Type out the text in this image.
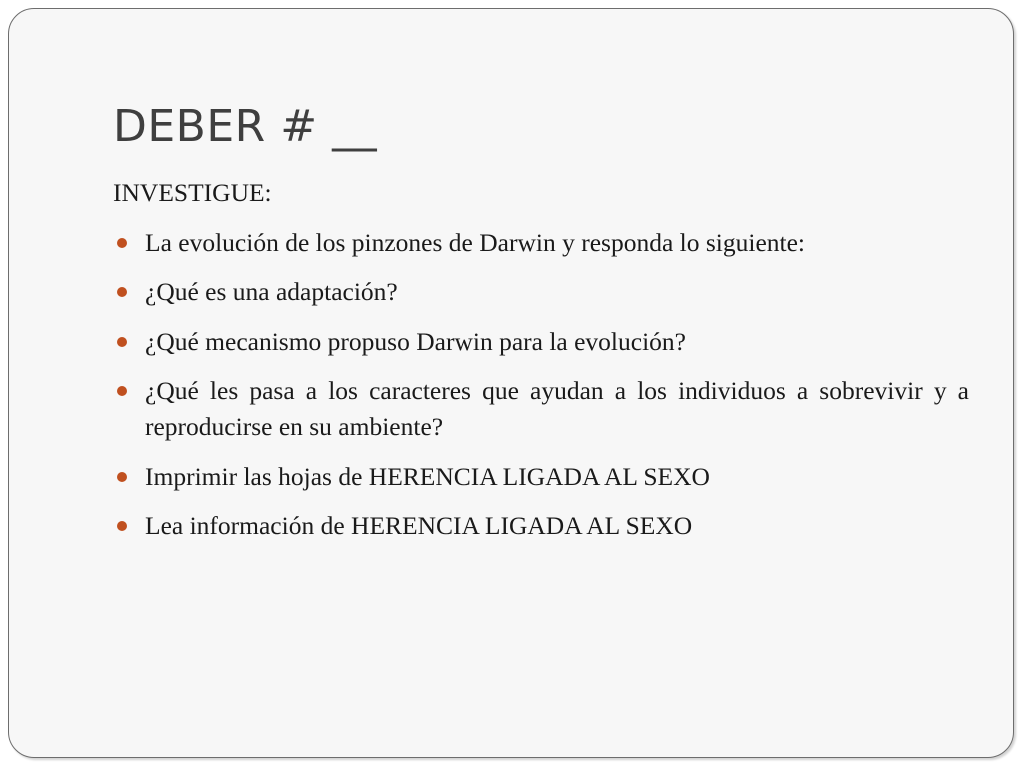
DEBER # __

INVESTIGUE:

La evolución de los pinzones de Darwin y responda lo siguiente:
¿Qué es una adaptación?
¿Qué mecanismo propuso Darwin para la evolución?
¿Qué les pasa a los caracteres que ayudan a los individuos a sobrevivir y a reproducirse en su ambiente?
Imprimir las hojas de HERENCIA LIGADA AL SEXO
Lea información de HERENCIA LIGADA AL SEXO
